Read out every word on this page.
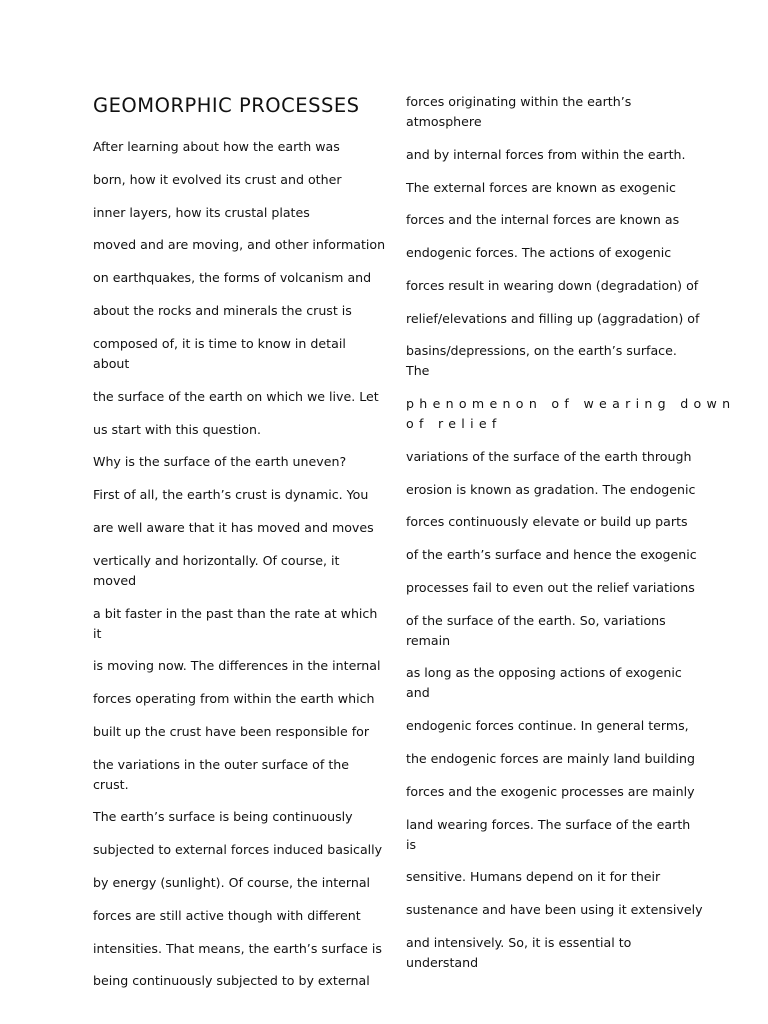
GEOMORPHIC PROCESSES
After learning about how the earth was
born, how it evolved its crust and other
inner layers, how its crustal plates
moved and are moving, and other information
on earthquakes, the forms of volcanism and
about the rocks and minerals the crust is
composed of, it is time to know in detail
about
the surface of the earth on which we live. Let
us start with this question.
Why is the surface of the earth uneven?
First of all, the earth’s crust is dynamic. You
are well aware that it has moved and moves
vertically and horizontally. Of course, it
moved
a bit faster in the past than the rate at which
it
is moving now. The differences in the internal
forces operating from within the earth which
built up the crust have been responsible for
the variations in the outer surface of the
crust.
The earth’s surface is being continuously
subjected to external forces induced basically
by energy (sunlight). Of course, the internal
forces are still active though with different
intensities. That means, the earth’s surface is
being continuously subjected to by external
forces originating within the earth’s
atmosphere
and by internal forces from within the earth.
The external forces are known as exogenic
forces and the internal forces are known as
endogenic forces. The actions of exogenic
forces result in wearing down (degradation) of
relief/elevations and filling up (aggradation) of
basins/depressions, on the earth’s surface.
The
phenomenon of wearing down
of relief
variations of the surface of the earth through
erosion is known as gradation. The endogenic
forces continuously elevate or build up parts
of the earth’s surface and hence the exogenic
processes fail to even out the relief variations
of the surface of the earth. So, variations
remain
as long as the opposing actions of exogenic
and
endogenic forces continue. In general terms,
the endogenic forces are mainly land building
forces and the exogenic processes are mainly
land wearing forces. The surface of the earth
is
sensitive. Humans depend on it for their
sustenance and have been using it extensively
and intensively. So, it is essential to
understand
